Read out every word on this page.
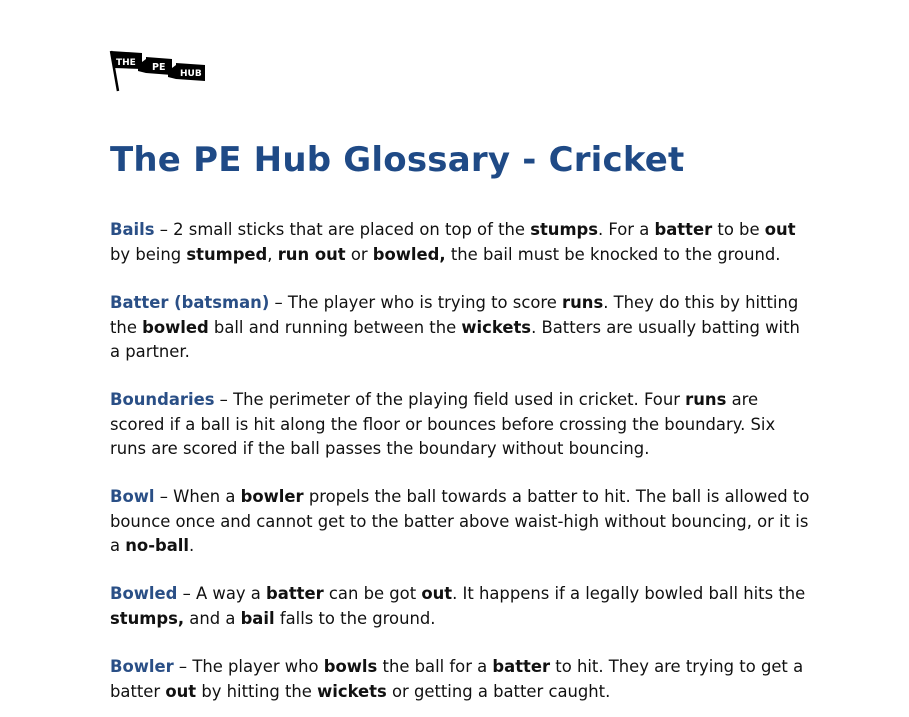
THE PE
HUB
The PE Hub Glossary - Cricket

Bails – 2 small sticks that are placed on top of the stumps. For a batter to be out by being stumped, run out or bowled, the bail must be knocked to the ground.

Batter (batsman) – The player who is trying to score runs. They do this by hitting the bowled ball and running between the wickets. Batters are usually batting with a partner.

Boundaries – The perimeter of the playing field used in cricket. Four runs are scored if a ball is hit along the floor or bounces before crossing the boundary. Six runs are scored if the ball passes the boundary without bouncing.

Bowl – When a bowler propels the ball towards a batter to hit. The ball is allowed to bounce once and cannot get to the batter above waist-high without bouncing, or it is a no-ball.

Bowled – A way a batter can be got out. It happens if a legally bowled ball hits the stumps, and a bail falls to the ground.

Bowler – The player who bowls the ball for a batter to hit. They are trying to get a batter out by hitting the wickets or getting a batter caught.
